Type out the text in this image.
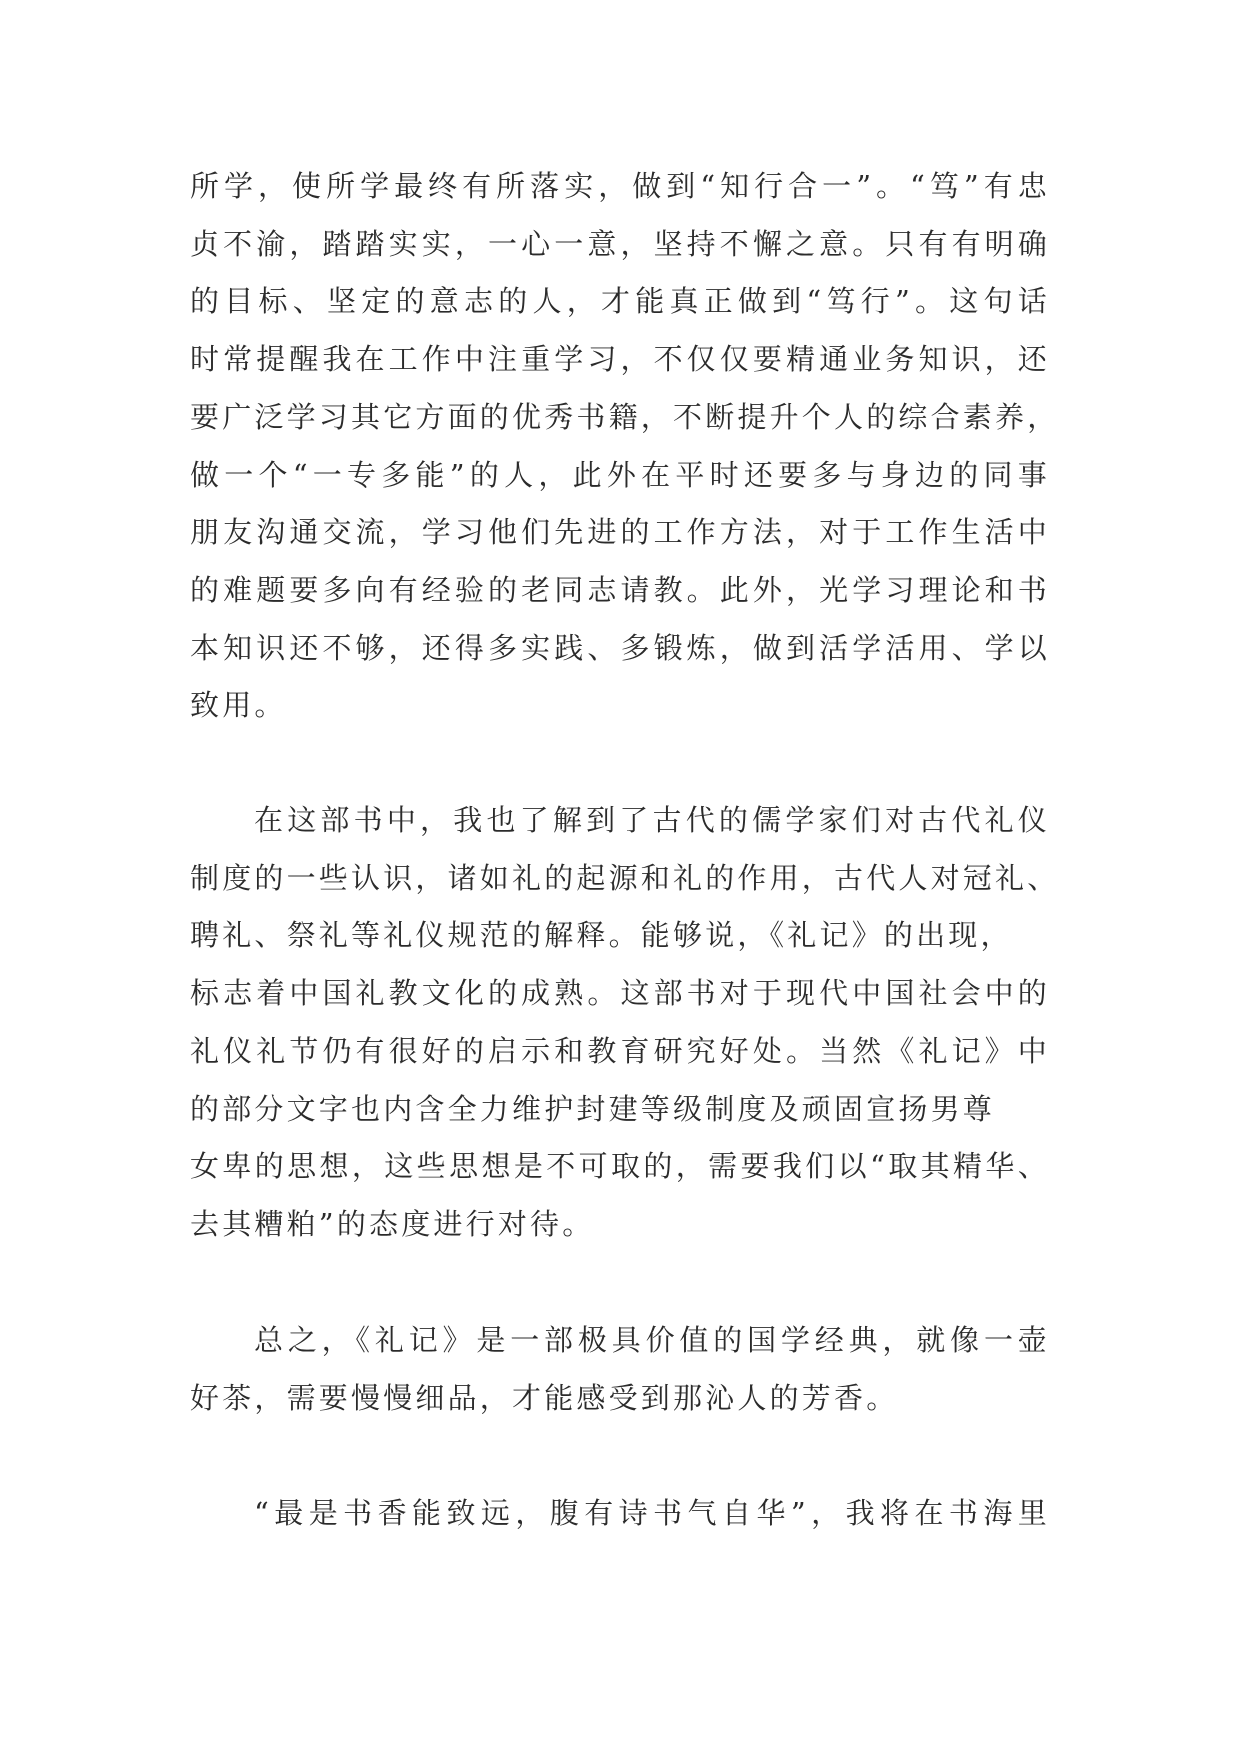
所学，使所学最终有所落实，做到“知行合一”。“笃”有忠
贞不渝，踏踏实实，一心一意，坚持不懈之意。只有有明确
的目标、坚定的意志的人，才能真正做到“笃行”。这句话
时常提醒我在工作中注重学习，不仅仅要精通业务知识，还
要广泛学习其它方面的优秀书籍，不断提升个人的综合素养，
做一个“一专多能”的人，此外在平时还要多与身边的同事
朋友沟通交流，学习他们先进的工作方法，对于工作生活中
的难题要多向有经验的老同志请教。此外，光学习理论和书
本知识还不够，还得多实践、多锻炼，做到活学活用、学以
致用。
在这部书中，我也了解到了古代的儒学家们对古代礼仪
制度的一些认识，诸如礼的起源和礼的作用，古代人对冠礼、
聘礼、祭礼等礼仪规范的解释。能够说，《礼记》的出现，
标志着中国礼教文化的成熟。这部书对于现代中国社会中的
礼仪礼节仍有很好的启示和教育研究好处。当然《礼记》中
的部分文字也内含全力维护封建等级制度及顽固宣扬男尊
女卑的思想，这些思想是不可取的，需要我们以“取其精华、
去其糟粕”的态度进行对待。
总之，《礼记》是一部极具价值的国学经典，就像一壶
好茶，需要慢慢细品，才能感受到那沁人的芳香。
“最是书香能致远，腹有诗书气自华”，我将在书海里
